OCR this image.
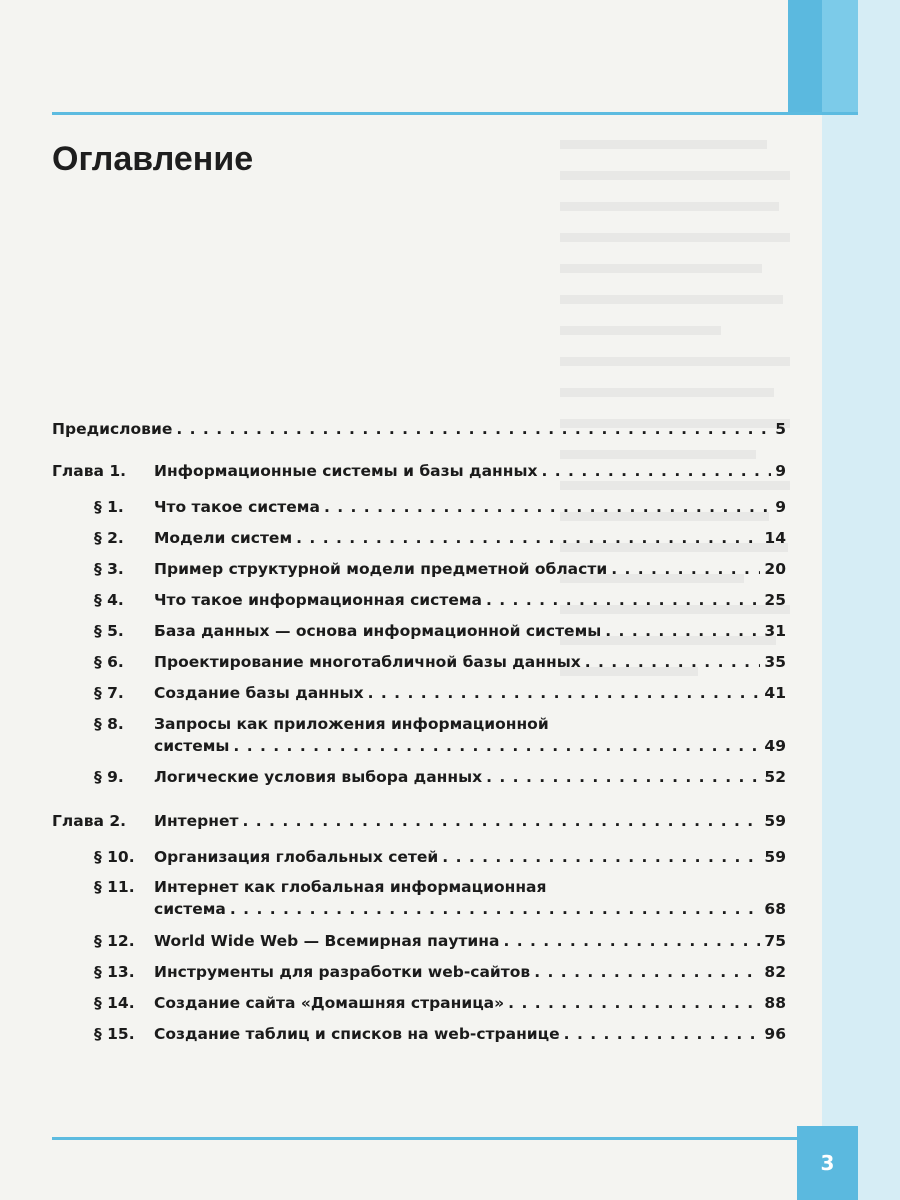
Оглавление
Предисловие . . .	5
Глава 1.	Информационные системы и базы данных . . .	9
§ 1.	Что такое система . . .	9
§ 2.	Модели систем . . .	14
§ 3.	Пример структурной модели предметной области . . .	20
§ 4.	Что такое информационная система . . .	25
§ 5.	База данных — основа информационной системы . . .	31
§ 6.	Проектирование многотабличной базы данных . . .	35
§ 7.	Создание базы данных . . .	41
§ 8.	Запросы как приложения информационной
системы . . .	49
§ 9.	Логические условия выбора данных . . .	52
Глава 2.	Интернет . . .	59
§ 10.	Организация глобальных сетей . . .	59
§ 11.	Интернет как глобальная информационная
система . . .	68
§ 12.	World Wide Web — Всемирная паутина . . .	75
§ 13.	Инструменты для разработки web-сайтов . . .	82
§ 14.	Создание сайта «Домашняя страница» . . .	88
§ 15.	Создание таблиц и списков на web-странице . . .	96
3
